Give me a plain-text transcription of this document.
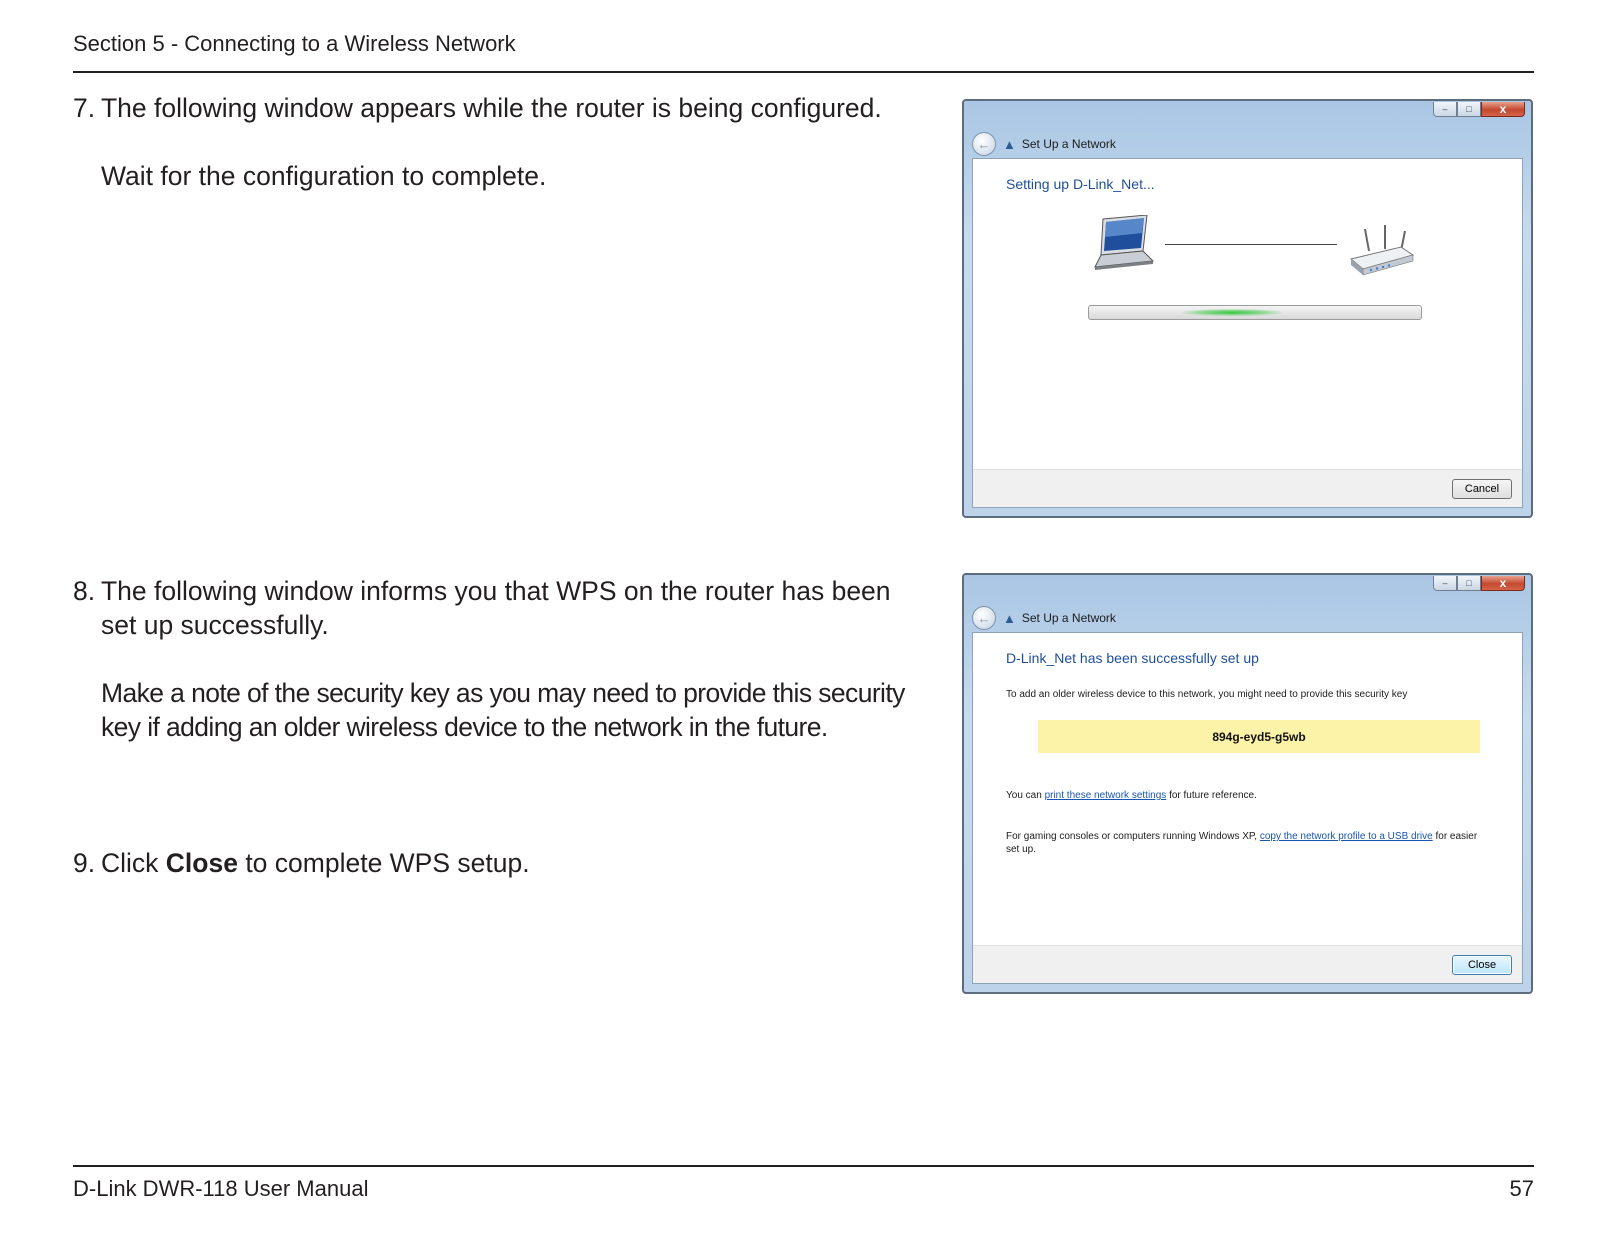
Section 5 - Connecting to a Wireless Network
7. The following window appears while the router is being configured.

Wait for the configuration to complete.

8. The following window informs you that WPS on the router has been set up successfully.

Make a note of the security key as you may need to provide this security key if adding an older wireless device to the network in the future.

9. Click Close to complete WPS setup.

–	□	x
← ▲ Set Up a Network
Setting up D-Link_Net...
Cancel
–	□	x
← ▲ Set Up a Network
D-Link_Net has been successfully set up
To add an older wireless device to this network, you might need to provide this security key
894g-eyd5-g5wb
You can print these network settings for future reference.
For gaming consoles or computers running Windows XP, copy the network profile to a USB drive for easier set up.
Close
D-Link DWR-118 User Manual	57
